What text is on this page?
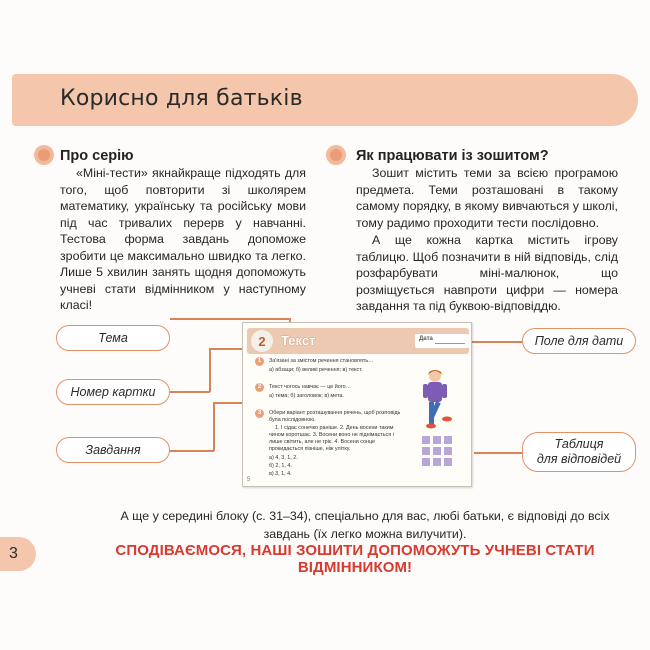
Корисно для батьків
Про серію

«Міні-тести» якнайкраще підходять для того, щоб повторити зі школярем математику, українську та російську мови під час тривалих перерв у навчанні. Тестова форма завдань допоможе зробити це максимально швидко та легко. Лише 5 хвилин занять щодня допоможуть учневі стати відмінником у наступному класі!

Як працювати із зошитом?

Зошит містить теми за всією програмою предмета. Теми розташовані в такому самому порядку, в якому вивчаються у школі, тому радимо проходити тести послідовно.

А ще кожна картка містить ігрову таблицю. Щоб позначити в ній відповідь, слід розфарбувати міні-малюнок, що розміщується навпроти цифри — номера завдання та під буквою-відповіддю.

Тема
Номер картки
Завдання
Поле для дати
Таблиця
для відповідей
2	Текст	Дата
1	За'язані за змістом речення становлять…
а) абзаци; б) великі речення; в) текст.
2	Текст чогось навчає — це його…
а) тема; б) заголовок; в) мета.
3	Обери варіант розташування речень, щоб розповідь була послідовною.
1. І сідає сонечко раніше. 2. День восени таким чином коротшає. 3. Восени воно не піднімається і лише світить, але не гріє. 4. Восени сонце прокидається пізніше, ніж улітку.
а) 4, 3, 1, 2.
б) 2, 1, 4.
в) 3, 1, 4.
5
А ще у середині блоку (с. 31–34), спеціально для вас, любі батьки, є відповіді до всіх завдань (їх легко можна вилучити).
3	СПОДІВАЄМОСЯ, НАШІ ЗОШИТИ ДОПОМОЖУТЬ УЧНЕВІ СТАТИ ВІДМІННИКОМ!
